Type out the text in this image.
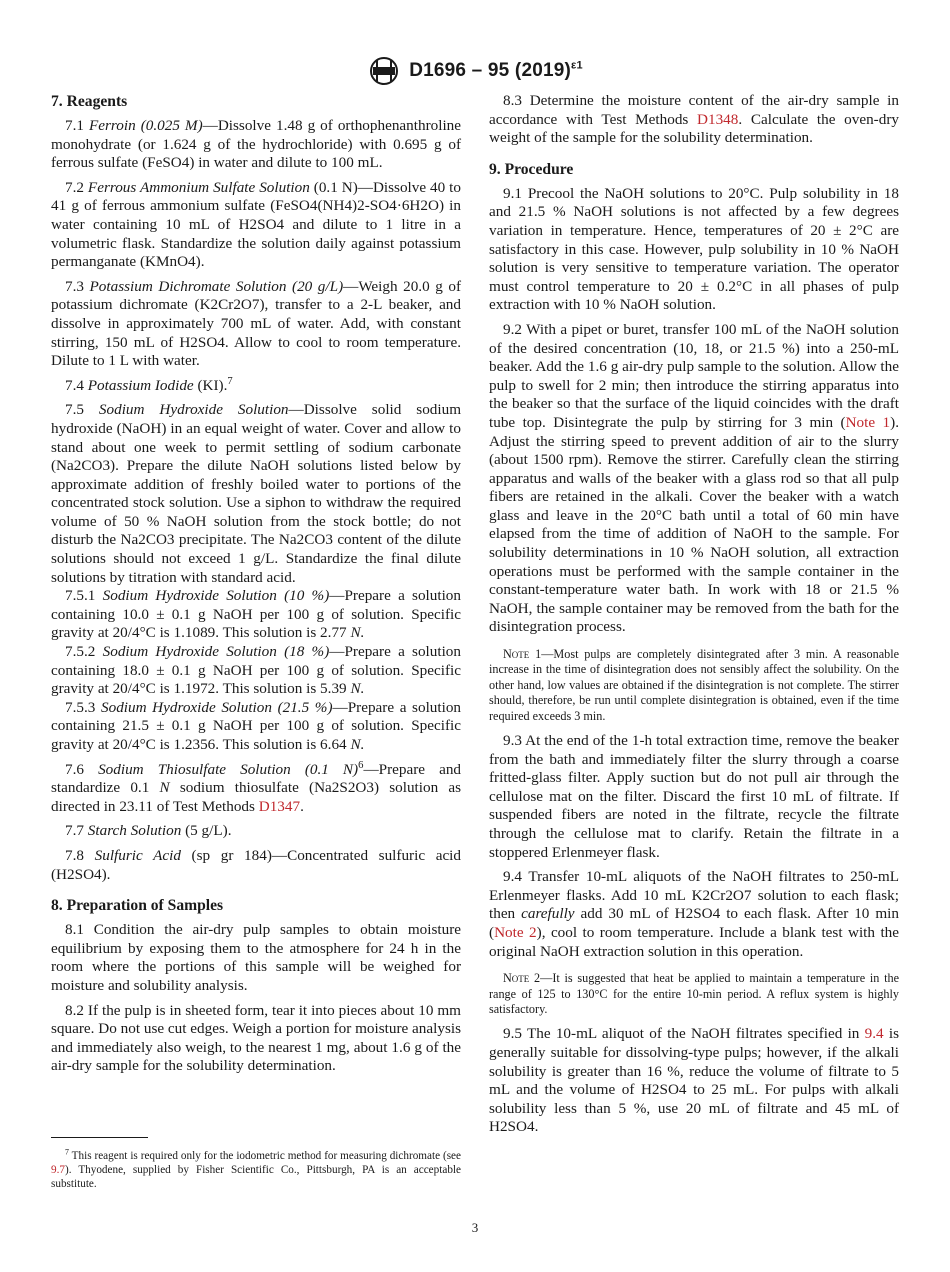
D1696 – 95 $(2019)^{\varepsilon 1}$
7. Reagents

7.1 Ferroin (0.025 M)—Dissolve 1.48 g of orthophenanthroline monohydrate (or 1.624 g of the hydrochloride) with 0.695 g of ferrous sulfate (FeSO4) in water and dilute to 100 mL.

7.2 Ferrous Ammonium Sulfate Solution (0.1 N)—Dissolve 40 to 41 g of ferrous ammonium sulfate (FeSO4(NH4)2-SO4·6H2O) in water containing 10 mL of H2SO4 and dilute to 1 litre in a volumetric flask. Standardize the solution daily against potassium permanganate (KMnO4).

7.3 Potassium Dichromate Solution (20 g/L)—Weigh 20.0 g of potassium dichromate (K2Cr2O7), transfer to a 2-L beaker, and dissolve in approximately 700 mL of water. Add, with constant stirring, 150 mL of H2SO4. Allow to cool to room temperature. Dilute to 1 L with water.

7.4 Potassium Iodide (KI).$^7$

7.5 Sodium Hydroxide Solution—Dissolve solid sodium hydroxide (NaOH) in an equal weight of water. Cover and allow to stand about one week to permit settling of sodium carbonate (Na2CO3). Prepare the dilute NaOH solutions listed below by approximate addition of freshly boiled water to portions of the concentrated stock solution. Use a siphon to withdraw the required volume of 50 % NaOH solution from the stock bottle; do not disturb the Na2CO3 precipitate. The Na2CO3 content of the dilute solutions should not exceed 1 g/L. Standardize the final dilute solutions by titration with standard acid.

7.5.1 Sodium Hydroxide Solution (10 %)—Prepare a solution containing 10.0 ± 0.1 g NaOH per 100 g of solution. Specific gravity at 20/4°C is 1.1089. This solution is 2.77 N.

7.5.2 Sodium Hydroxide Solution (18 %)—Prepare a solution containing 18.0 ± 0.1 g NaOH per 100 g of solution. Specific gravity at 20/4°C is 1.1972. This solution is 5.39 N.

7.5.3 Sodium Hydroxide Solution (21.5 %)—Prepare a solution containing 21.5 ± 0.1 g NaOH per 100 g of solution. Specific gravity at 20/4°C is 1.2356. This solution is 6.64 N.

7.6 Sodium Thiosulfate Solution (0.1 N)$^6$—Prepare and standardize 0.1 N sodium thiosulfate (Na2S2O3) solution as directed in 23.11 of Test Methods D1347.

7.7 Starch Solution (5 g/L).

7.8 Sulfuric Acid (sp gr 184)—Concentrated sulfuric acid (H2SO4).

8. Preparation of Samples

8.1 Condition the air-dry pulp samples to obtain moisture equilibrium by exposing them to the atmosphere for 24 h in the room where the portions of this sample will be weighed for moisture and solubility analysis.

8.2 If the pulp is in sheeted form, tear it into pieces about 10 mm square. Do not use cut edges. Weigh a portion for moisture analysis and immediately also weigh, to the nearest 1 mg, about 1.6 g of the air-dry sample for the solubility determination.

$^7$ This reagent is required only for the iodometric method for measuring dichromate (see 9.7). Thyodene, supplied by Fisher Scientific Co., Pittsburgh, PA is an acceptable substitute.

8.3 Determine the moisture content of the air-dry sample in accordance with Test Methods D1348. Calculate the oven-dry weight of the sample for the solubility determination.

9. Procedure

9.1 Precool the NaOH solutions to 20°C. Pulp solubility in 18 and 21.5 % NaOH solutions is not affected by a few degrees variation in temperature. Hence, temperatures of 20 ± 2°C are satisfactory in this case. However, pulp solubility in 10 % NaOH solution is very sensitive to temperature variation. The operator must control temperature to 20 ± 0.2°C in all phases of pulp extraction with 10 % NaOH solution.

9.2 With a pipet or buret, transfer 100 mL of the NaOH solution of the desired concentration (10, 18, or 21.5 %) into a 250-mL beaker. Add the 1.6 g air-dry pulp sample to the solution. Allow the pulp to swell for 2 min; then introduce the stirring apparatus into the beaker so that the surface of the liquid coincides with the draft tube top. Disintegrate the pulp by stirring for 3 min (Note 1). Adjust the stirring speed to prevent addition of air to the slurry (about 1500 rpm). Remove the stirrer. Carefully clean the stirring apparatus and walls of the beaker with a glass rod so that all pulp fibers are retained in the alkali. Cover the beaker with a watch glass and leave in the 20°C bath until a total of 60 min have elapsed from the time of addition of NaOH to the sample. For solubility determinations in 10 % NaOH solution, all extraction operations must be performed with the sample container in the constant-temperature water bath. In work with 18 or 21.5 % NaOH, the sample container may be removed from the bath for the disintegration process.

Note 1—Most pulps are completely disintegrated after 3 min. A reasonable increase in the time of disintegration does not sensibly affect the solubility. On the other hand, low values are obtained if the disintegration is not complete. The stirrer should, therefore, be run until complete disintegration is obtained, even if the time required exceeds 3 min.

9.3 At the end of the 1-h total extraction time, remove the beaker from the bath and immediately filter the slurry through a coarse fritted-glass filter. Apply suction but do not pull air through the cellulose mat on the filter. Discard the first 10 mL of filtrate. If suspended fibers are noted in the filtrate, recycle the filtrate through the cellulose mat to clarify. Retain the filtrate in a stoppered Erlenmeyer flask.

9.4 Transfer 10-mL aliquots of the NaOH filtrates to 250-mL Erlenmeyer flasks. Add 10 mL K2Cr2O7 solution to each flask; then carefully add 30 mL of H2SO4 to each flask. After 10 min (Note 2), cool to room temperature. Include a blank test with the original NaOH extraction solution in this operation.

Note 2—It is suggested that heat be applied to maintain a temperature in the range of 125 to 130°C for the entire 10-min period. A reflux system is highly satisfactory.

9.5 The 10-mL aliquot of the NaOH filtrates specified in 9.4 is generally suitable for dissolving-type pulps; however, if the alkali solubility is greater than 16 %, reduce the volume of filtrate to 5 mL and the volume of H2SO4 to 25 mL. For pulps with alkali solubility less than 5 %, use 20 mL of filtrate and 45 mL of H2SO4.

3
